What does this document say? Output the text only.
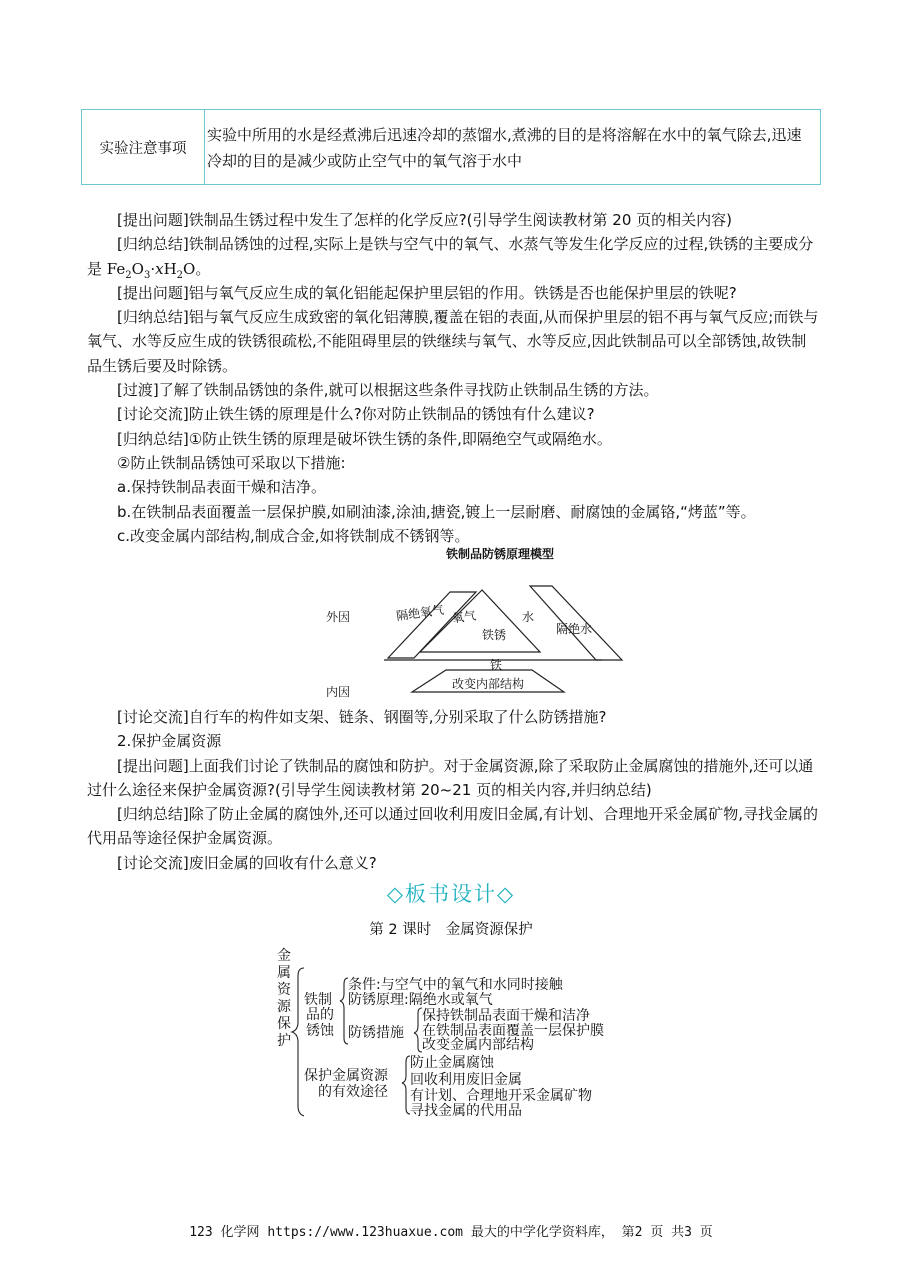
实验注意事项
实验中所用的水是经煮沸后迅速冷却的蒸馏水,煮沸的目的是将溶解在水中的氧气除去,迅速冷却的目的是减少或防止空气中的氧气溶于水中

[提出问题]铁制品生锈过程中发生了怎样的化学反应?(引导学生阅读教材第 20 页的相关内容)

[归纳总结]铁制品锈蚀的过程,实际上是铁与空气中的氧气、水蒸气等发生化学反应的过程,铁锈的主要成分是 $Fe_2O_3\cdot xH_2O$。

[提出问题]铝与氧气反应生成的氧化铝能起保护里层铝的作用。铁锈是否也能保护里层的铁呢?

[归纳总结]铝与氧气反应生成致密的氧化铝薄膜,覆盖在铝的表面,从而保护里层的铝不再与氧气反应;而铁与氧气、水等反应生成的铁锈很疏松,不能阻碍里层的铁继续与氧气、水等反应,因此铁制品可以全部锈蚀,故铁制品生锈后要及时除锈。

[过渡]了解了铁制品锈蚀的条件,就可以根据这些条件寻找防止铁制品生锈的方法。

[讨论交流]防止铁生锈的原理是什么?你对防止铁制品的锈蚀有什么建议?

[归纳总结]①防止铁生锈的原理是破坏铁生锈的条件,即隔绝空气或隔绝水。

②防止铁制品锈蚀可采取以下措施:

a.保持铁制品表面干燥和洁净。

b.在铁制品表面覆盖一层保护膜,如刷油漆,涂油,搪瓷,镀上一层耐磨、耐腐蚀的金属铬,“烤蓝”等。

c.改变金属内部结构,制成合金,如将铁制成不锈钢等。

铁制品防锈原理模型
外因
内因
隔绝氧气 氧气	水
隔绝水
铁锈
铁
改变内部结构

[讨论交流]自行车的构件如支架、链条、钢圈等,分别采取了什么防锈措施?

2.保护金属资源

[提出问题]上面我们讨论了铁制品的腐蚀和防护。对于金属资源,除了采取防止金属腐蚀的措施外,还可以通过什么途径来保护金属资源?(引导学生阅读教材第 20~21 页的相关内容,并归纳总结)

[归纳总结]除了防止金属的腐蚀外,还可以通过回收利用废旧金属,有计划、合理地开采金属矿物,寻找金属的代用品等途径保护金属资源。

[讨论交流]废旧金属的回收有什么意义?

◇板书设计◇
第 2 课时　金属资源保护
金
属
资
源
保
护
铁制
品的
锈蚀
条件:与空气中的氧气和水同时接触
防锈原理:隔绝水或氧气
防锈措施
保持铁制品表面干燥和洁净
在铁制品表面覆盖一层保护膜
改变金属内部结构
保护金属资源
的有效途径
防止金属腐蚀
回收利用废旧金属
有计划、合理地开采金属矿物
寻找金属的代用品
123 化学网 https://www.123huaxue.com 最大的中学化学资料库， 第2 页 共3 页
